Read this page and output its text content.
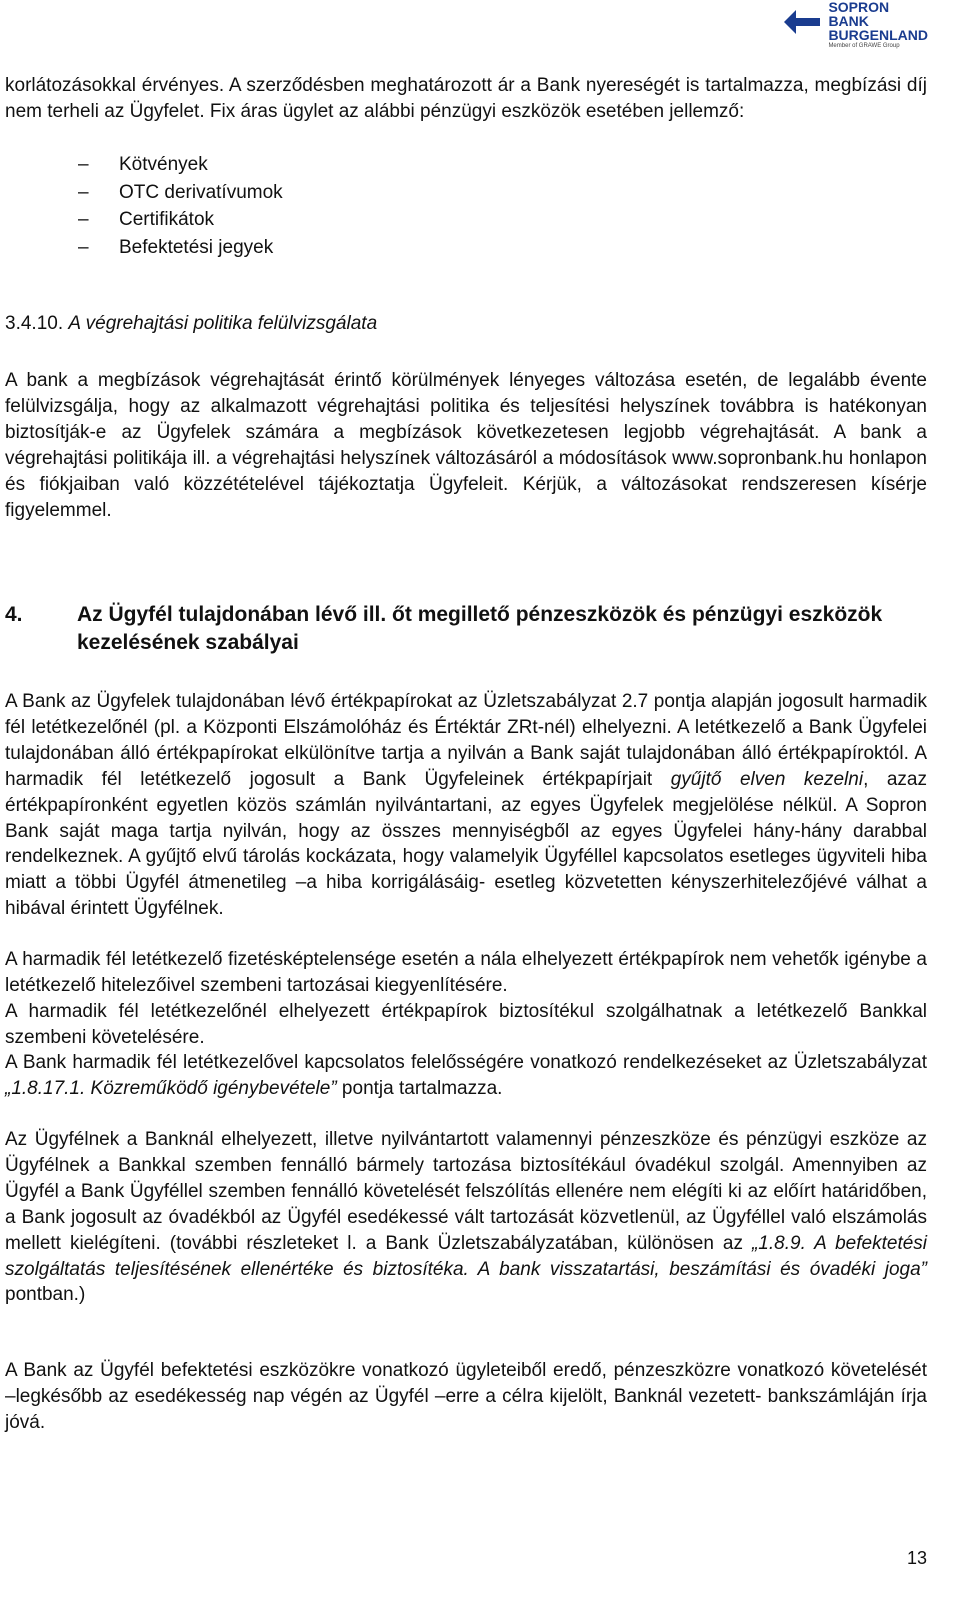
SOPRON
BANK
BURGENLAND
Member of GRAWE Group

korlátozásokkal érvényes. A szerződésben meghatározott ár a Bank nyereségét is tartalmazza, megbízási díj nem terheli az Ügyfelet. Fix áras ügylet az alábbi pénzügyi eszközök esetében jellemző:

– Kötvények
– OTC derivatívumok
– Certifikátok
– Befektetési jegyek
3.4.10. A végrehajtási politika felülvizsgálata

A bank a megbízások végrehajtását érintő körülmények lényeges változása esetén, de legalább évente felülvizsgálja, hogy az alkalmazott végrehajtási politika és teljesítési helyszínek továbbra is hatékonyan biztosítják-e az Ügyfelek számára a megbízások következetesen legjobb végrehajtását. A bank a végrehajtási politikája ill. a végrehajtási helyszínek változásáról a módosítások www.sopronbank.hu honlapon és fiókjaiban való közzétételével tájékoztatja Ügyfeleit. Kérjük, a változásokat rendszeresen kísérje figyelemmel.

4.	Az Ügyfél tulajdonában lévő ill. őt megillető pénzeszközök és pénzügyi eszközök kezelésének szabályai

A Bank az Ügyfelek tulajdonában lévő értékpapírokat az Üzletszabályzat 2.7 pontja alapján jogosult harmadik fél letétkezelőnél (pl. a Központi Elszámolóház és Értéktár ZRt-nél) elhelyezni. A letétkezelő a Bank Ügyfelei tulajdonában álló értékpapírokat elkülönítve tartja a nyilván a Bank saját tulajdonában álló értékpapíroktól. A harmadik fél letétkezelő jogosult a Bank Ügyfeleinek értékpapírjait gyűjtő elven kezelni, azaz értékpapíronként egyetlen közös számlán nyilvántartani, az egyes Ügyfelek megjelölése nélkül. A Sopron Bank saját maga tartja nyilván, hogy az összes mennyiségből az egyes Ügyfelei hány-hány darabbal rendelkeznek. A gyűjtő elvű tárolás kockázata, hogy valamelyik Ügyféllel kapcsolatos esetleges ügyviteli hiba miatt a többi Ügyfél átmenetileg –a hiba korrigálásáig- esetleg közvetetten kényszerhitelezőjévé válhat a hibával érintett Ügyfélnek.

A harmadik fél letétkezelő fizetésképtelensége esetén a nála elhelyezett értékpapírok nem vehetők igénybe a letétkezelő hitelezőivel szembeni tartozásai kiegyenlítésére.

A harmadik fél letétkezelőnél elhelyezett értékpapírok biztosítékul szolgálhatnak a letétkezelő Bankkal szembeni követelésére.

A Bank harmadik fél letétkezelővel kapcsolatos felelősségére vonatkozó rendelkezéseket az Üzletszabályzat „1.8.17.1. Közreműködő igénybevétele” pontja tartalmazza.

Az Ügyfélnek a Banknál elhelyezett, illetve nyilvántartott valamennyi pénzeszköze és pénzügyi eszköze az Ügyfélnek a Bankkal szemben fennálló bármely tartozása biztosítékául óvadékul szolgál. Amennyiben az Ügyfél a Bank Ügyféllel szemben fennálló követelését felszólítás ellenére nem elégíti ki az előírt határidőben, a Bank jogosult az óvadékból az Ügyfél esedékessé vált tartozását közvetlenül, az Ügyféllel való elszámolás mellett kielégíteni. (további részleteket l. a Bank Üzletszabályzatában, különösen az „1.8.9. A befektetési szolgáltatás teljesítésének ellenértéke és biztosítéka. A bank visszatartási, beszámítási és óvadéki joga” pontban.)

A Bank az Ügyfél befektetési eszközökre vonatkozó ügyleteiből eredő, pénzeszközre vonatkozó követelését –legkésőbb az esedékesség nap végén az Ügyfél –erre a célra kijelölt, Banknál vezetett- bankszámláján írja jóvá.

13
